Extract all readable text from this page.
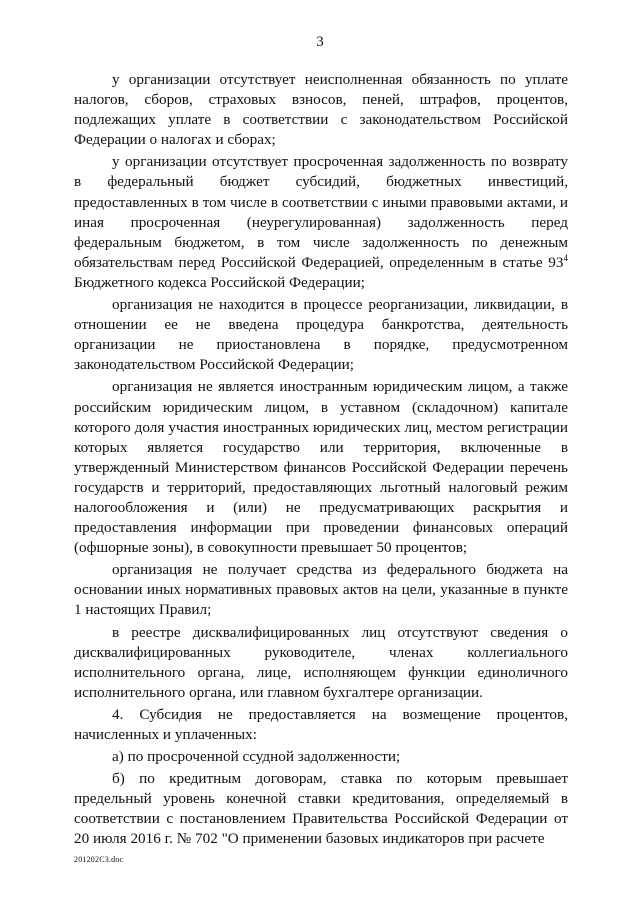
3

у организации отсутствует неисполненная обязанность по уплате налогов, сборов, страховых взносов, пеней, штрафов, процентов, подлежащих уплате в соответствии с законодательством Российской Федерации о налогах и сборах;

у организации отсутствует просроченная задолженность по возврату в федеральный бюджет субсидий, бюджетных инвестиций, предоставленных в том числе в соответствии с иными правовыми актами, и иная просроченная (неурегулированная) задолженность перед федеральным бюджетом, в том числе задолженность по денежным обязательствам перед Российской Федерацией, определенным в статье $93^4$ Бюджетного кодекса Российской Федерации;

организация не находится в процессе реорганизации, ликвидации, в отношении ее не введена процедура банкротства, деятельность организации не приостановлена в порядке, предусмотренном законодательством Российской Федерации;

организация не является иностранным юридическим лицом, а также российским юридическим лицом, в уставном (складочном) капитале которого доля участия иностранных юридических лиц, местом регистрации которых является государство или территория, включенные в утвержденный Министерством финансов Российской Федерации перечень государств и территорий, предоставляющих льготный налоговый режим налогообложения и (или) не предусматривающих раскрытия и предоставления информации при проведении финансовых операций (офшорные зоны), в совокупности превышает 50 процентов;

организация не получает средства из федерального бюджета на основании иных нормативных правовых актов на цели, указанные в пункте 1 настоящих Правил;

в реестре дисквалифицированных лиц отсутствуют сведения о дисквалифицированных руководителе, членах коллегиального исполнительного органа, лице, исполняющем функции единоличного исполнительного органа, или главном бухгалтере организации.

4. Субсидия не предоставляется на возмещение процентов, начисленных и уплаченных:

а) по просроченной ссудной задолженности;

б) по кредитным договорам, ставка по которым превышает предельный уровень конечной ставки кредитования, определяемый в соответствии с постановлением Правительства Российской Федерации от 20 июля 2016 г. № 702 "О применении базовых индикаторов при расчете

201202C3.doc
